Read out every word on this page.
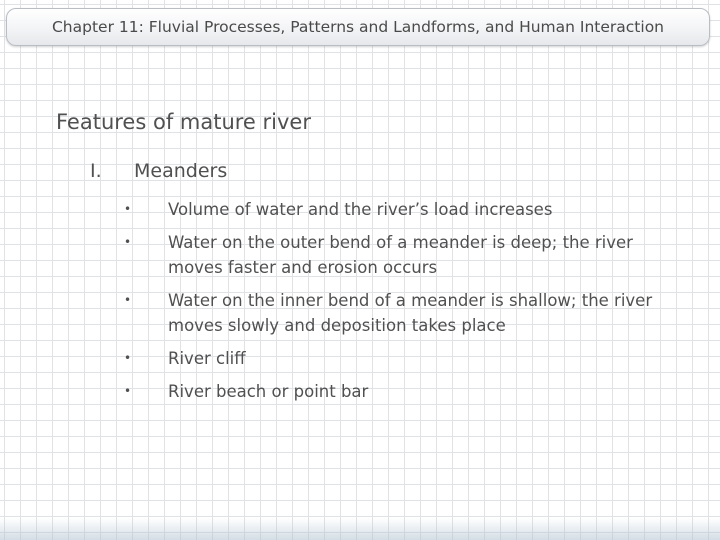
Chapter 11: Fluvial Processes, Patterns and Landforms, and Human Interaction
Features of mature river
I. Meanders
•	Volume of water and the river’s load increases
•	Water on the outer bend of a meander is deep; the river moves faster and erosion occurs
•	Water on the inner bend of a meander is shallow; the river moves slowly and deposition takes place
•	River cliff
•	River beach or point bar
